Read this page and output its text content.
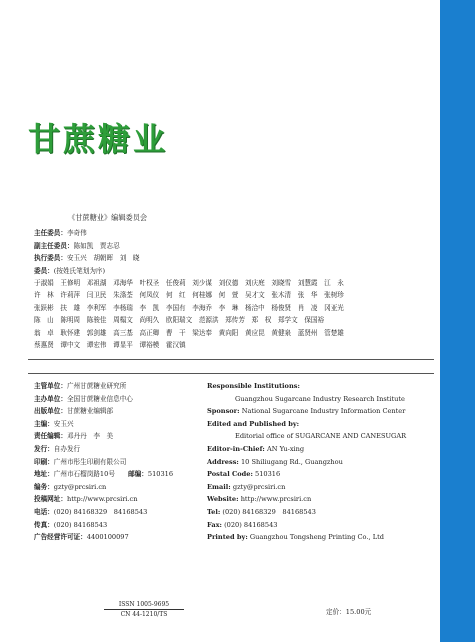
甘蔗糖业
《甘蔗糖业》编辑委员会
主任委员：李奇伟
副主任委员：陈如凯　贾志忍
执行委员：安玉兴　胡朝晖　刘　晓
委员：(按姓氏笔划为序)
于淑娟　王修明　邓祖湖　邓海华　叶权圣　任俊莉　刘少谋　刘仪德　刘庆庭　刘晓雪　刘慧霞　江　永
许　林　许莉萍　闫卫民　朱涤荃　何凤仪　何　红　何桂娜　何　萱　吴才文　张木清　张　华　张树珍
张跃彬　扶　雄　李利军　李杨瑞　李　凯　李国有　李海乔　李　琳　杨洽中　杨俊贤　肖　凌　冈亚光
陈　山　陈明周　陈骏佳　周榻文　尚明久　欧阳瑞文　范源洪　郑传芳　郑　权　郑学文　保国裕
翁　卓　耿怀建　郭剑雄　高三基　高正卿　曹　干　梁达奉　黄向阳　黄应昆　黄健泉　蓝贤州　管楚雄
蔡惠贤　谭中文　谭宏伟　谭显平　谭裕模　霍汉镇
主管单位：广州甘蔗糖业研究所
主办单位：全国甘蔗糖业信息中心
出版单位：甘蔗糖业编辑部
主编：安玉兴
责任编辑：邓丹丹　李　美
发行：自办发行
印刷：广州市彤生印刷有限公司
地址：广州市石榴岗路10号　　 邮编：510316
编务：gzty@prcsiri.cn
投稿网址：http://www.prcsiri.cn
电话：(020) 84168329　84168543
传真：(020) 84168543
广告经营许可证：4400100097
Responsible Institutions:
Guangzhou Sugarcane Industry Research Institute
Sponsor: National Sugarcane Industry Information Center
Edited and Published by:
Editorial office of SUGARCANE AND CANESUGAR
Editor-in-Chief: AN Yu-xing
Address: 10 Shiliugang Rd., Guangzhou
Postal Code: 510316
Email: gzty@prcsiri.cn
Website: http://www.prcsiri.cn
Tel: (020) 84168329　84168543
Fax: (020) 84168543
Printed by: Guangzhou Tongsheng Printing Co., Ltd
ISSN 1005-9695
CN 44-1210/TS	定价：15.00元
